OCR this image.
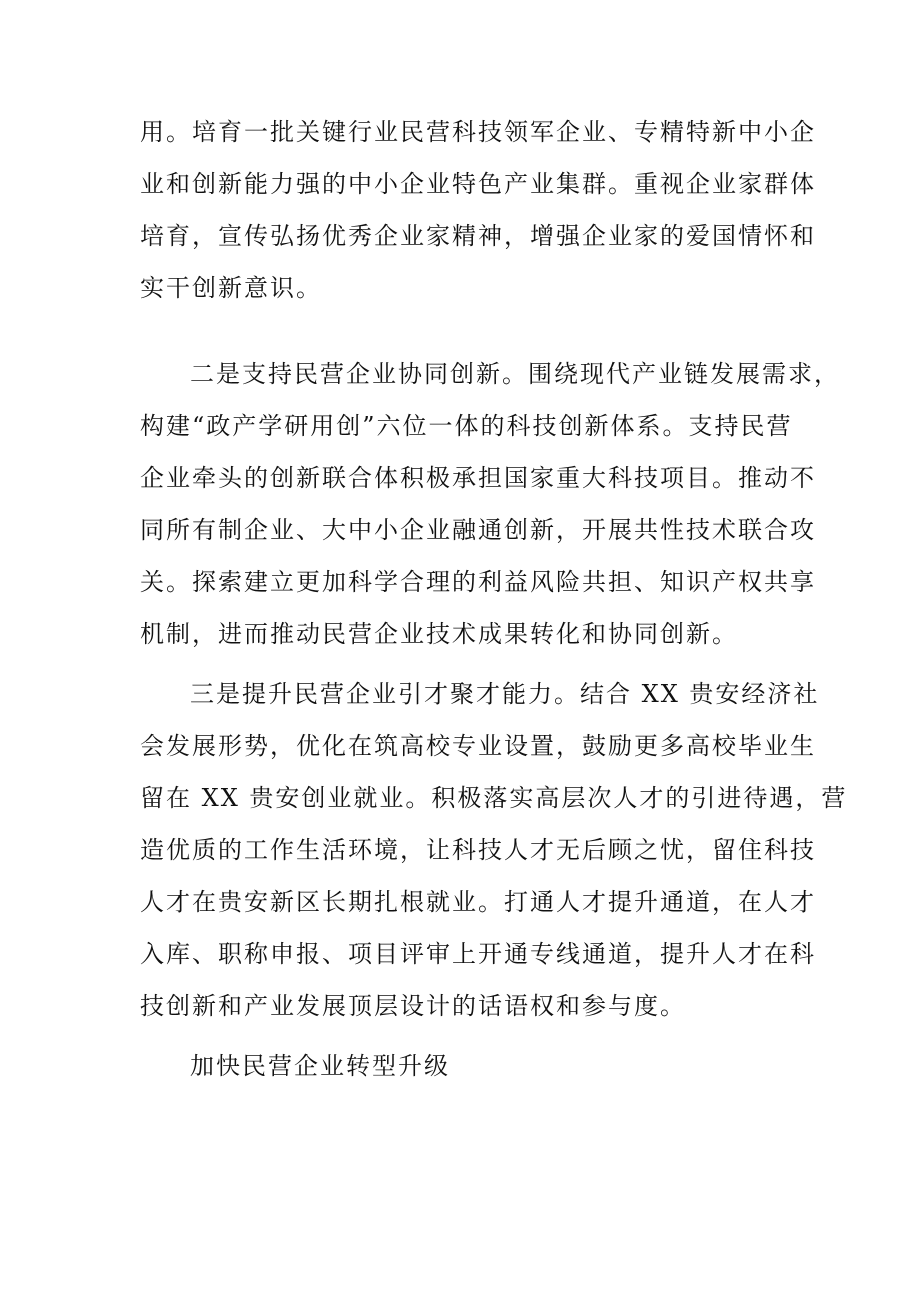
用。培育一批关键行业民营科技领军企业、专精特新中小企
业和创新能力强的中小企业特色产业集群。重视企业家群体
培育，宣传弘扬优秀企业家精神，增强企业家的爱国情怀和
实干创新意识。

二是支持民营企业协同创新。围绕现代产业链发展需求，
构建“政产学研用创”六位一体的科技创新体系。支持民营
企业牵头的创新联合体积极承担国家重大科技项目。推动不
同所有制企业、大中小企业融通创新，开展共性技术联合攻
关。探索建立更加科学合理的利益风险共担、知识产权共享
机制，进而推动民营企业技术成果转化和协同创新。

三是提升民营企业引才聚才能力。结合 XX 贵安经济社
会发展形势，优化在筑高校专业设置，鼓励更多高校毕业生
留在 XX 贵安创业就业。积极落实高层次人才的引进待遇，营
造优质的工作生活环境，让科技人才无后顾之忧，留住科技
人才在贵安新区长期扎根就业。打通人才提升通道，在人才
入库、职称申报、项目评审上开通专线通道，提升人才在科
技创新和产业发展顶层设计的话语权和参与度。

加快民营企业转型升级
